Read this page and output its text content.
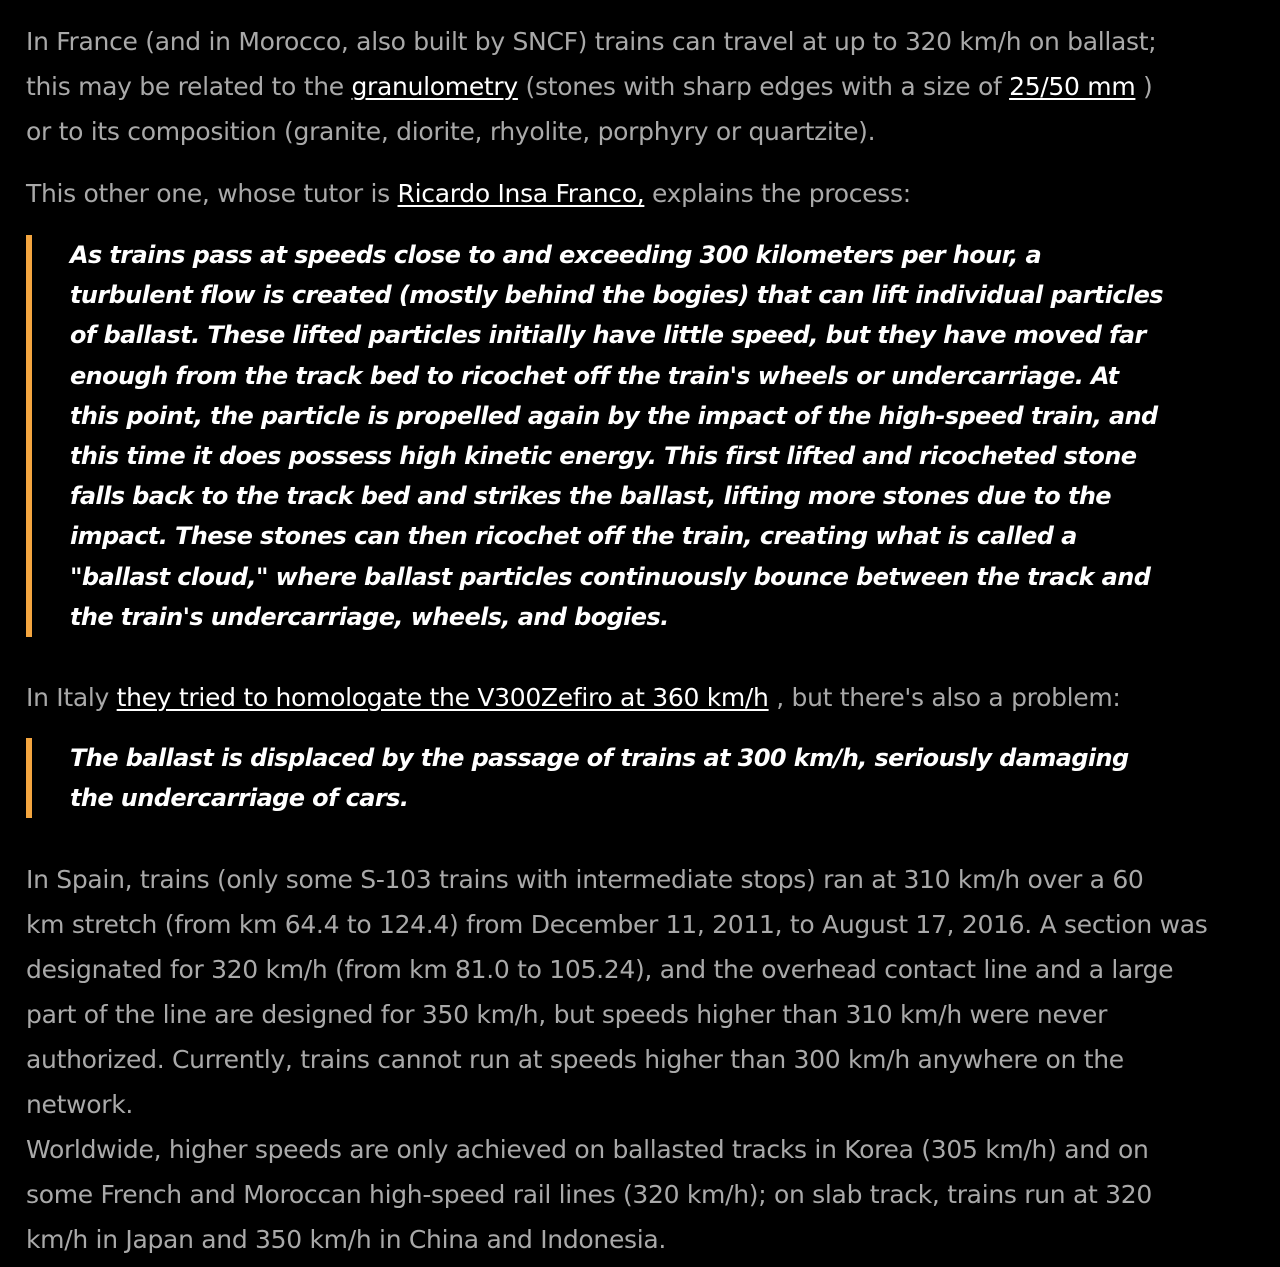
In France (and in Morocco, also built by SNCF) trains can travel at up to 320 km/h on ballast;
this may be related to the granulometry (stones with sharp edges with a size of 25/50 mm )
or to its composition (granite, diorite, rhyolite, porphyry or quartzite).

This other one, whose tutor is Ricardo Insa Franco, explains the process:

As trains pass at speeds close to and exceeding 300 kilometers per hour, a
turbulent flow is created (mostly behind the bogies) that can lift individual particles
of ballast. These lifted particles initially have little speed, but they have moved far
enough from the track bed to ricochet off the train's wheels or undercarriage. At
this point, the particle is propelled again by the impact of the high-speed train, and
this time it does possess high kinetic energy. This first lifted and ricocheted stone
falls back to the track bed and strikes the ballast, lifting more stones due to the
impact. These stones can then ricochet off the train, creating what is called a
"ballast cloud," where ballast particles continuously bounce between the track and
the train's undercarriage, wheels, and bogies.

In Italy they tried to homologate the V300Zefiro at 360 km/h , but there's also a problem:

The ballast is displaced by the passage of trains at 300 km/h, seriously damaging
the undercarriage of cars.

In Spain, trains (only some S-103 trains with intermediate stops) ran at 310 km/h over a 60
km stretch (from km 64.4 to 124.4) from December 11, 2011, to August 17, 2016. A section was
designated for 320 km/h (from km 81.0 to 105.24), and the overhead contact line and a large
part of the line are designed for 350 km/h, but speeds higher than 310 km/h were never
authorized. Currently, trains cannot run at speeds higher than 300 km/h anywhere on the
network.
Worldwide, higher speeds are only achieved on ballasted tracks in Korea (305 km/h) and on
some French and Moroccan high-speed rail lines (320 km/h); on slab track, trains run at 320
km/h in Japan and 350 km/h in China and Indonesia.
